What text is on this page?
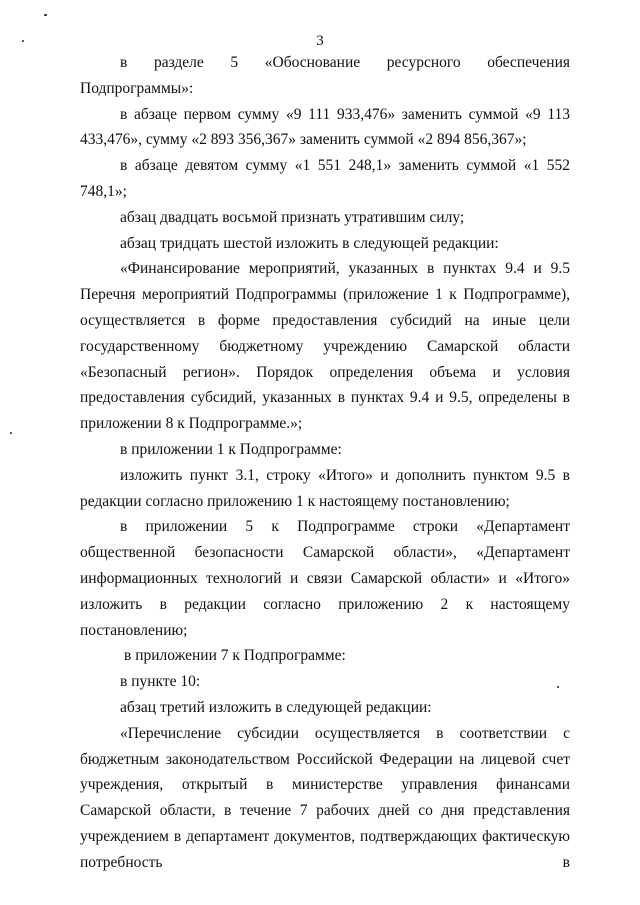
3

в разделе 5 «Обоснование ресурсного обеспечения Подпрограммы»:

в абзаце первом сумму «9 111 933,476» заменить суммой «9 113 433,476», сумму «2 893 356,367» заменить суммой «2 894 856,367»;

в абзаце девятом сумму «1 551 248,1» заменить суммой «1 552 748,1»;

абзац двадцать восьмой признать утратившим силу;

абзац тридцать шестой изложить в следующей редакции:

«Финансирование мероприятий, указанных в пунктах 9.4 и 9.5 Перечня мероприятий Подпрограммы (приложение 1 к Подпрограмме), осуществляется в форме предоставления субсидий на иные цели государственному бюджетному учреждению Самарской области «Безопасный регион». Порядок определения объема и условия предоставления субсидий, указанных в пунктах 9.4 и 9.5, определены в приложении 8 к Подпрограмме.»;

в приложении 1 к Подпрограмме:

изложить пункт 3.1, строку «Итого» и дополнить пунктом 9.5 в редакции согласно приложению 1 к настоящему постановлению;

в приложении 5 к Подпрограмме строки «Департамент общественной безопасности Самарской области», «Департамент информационных технологий и связи Самарской области» и «Итого» изложить в редакции согласно приложению 2 к настоящему постановлению;

в приложении 7 к Подпрограмме:

в пункте 10:

абзац третий изложить в следующей редакции:

«Перечисление субсидии осуществляется в соответствии с бюджетным законодательством Российской Федерации на лицевой счет учреждения, открытый в министерстве управления финансами Самарской области, в течение 7 рабочих дней со дня представления учреждением в департамент документов, подтверждающих фактическую потребность в
